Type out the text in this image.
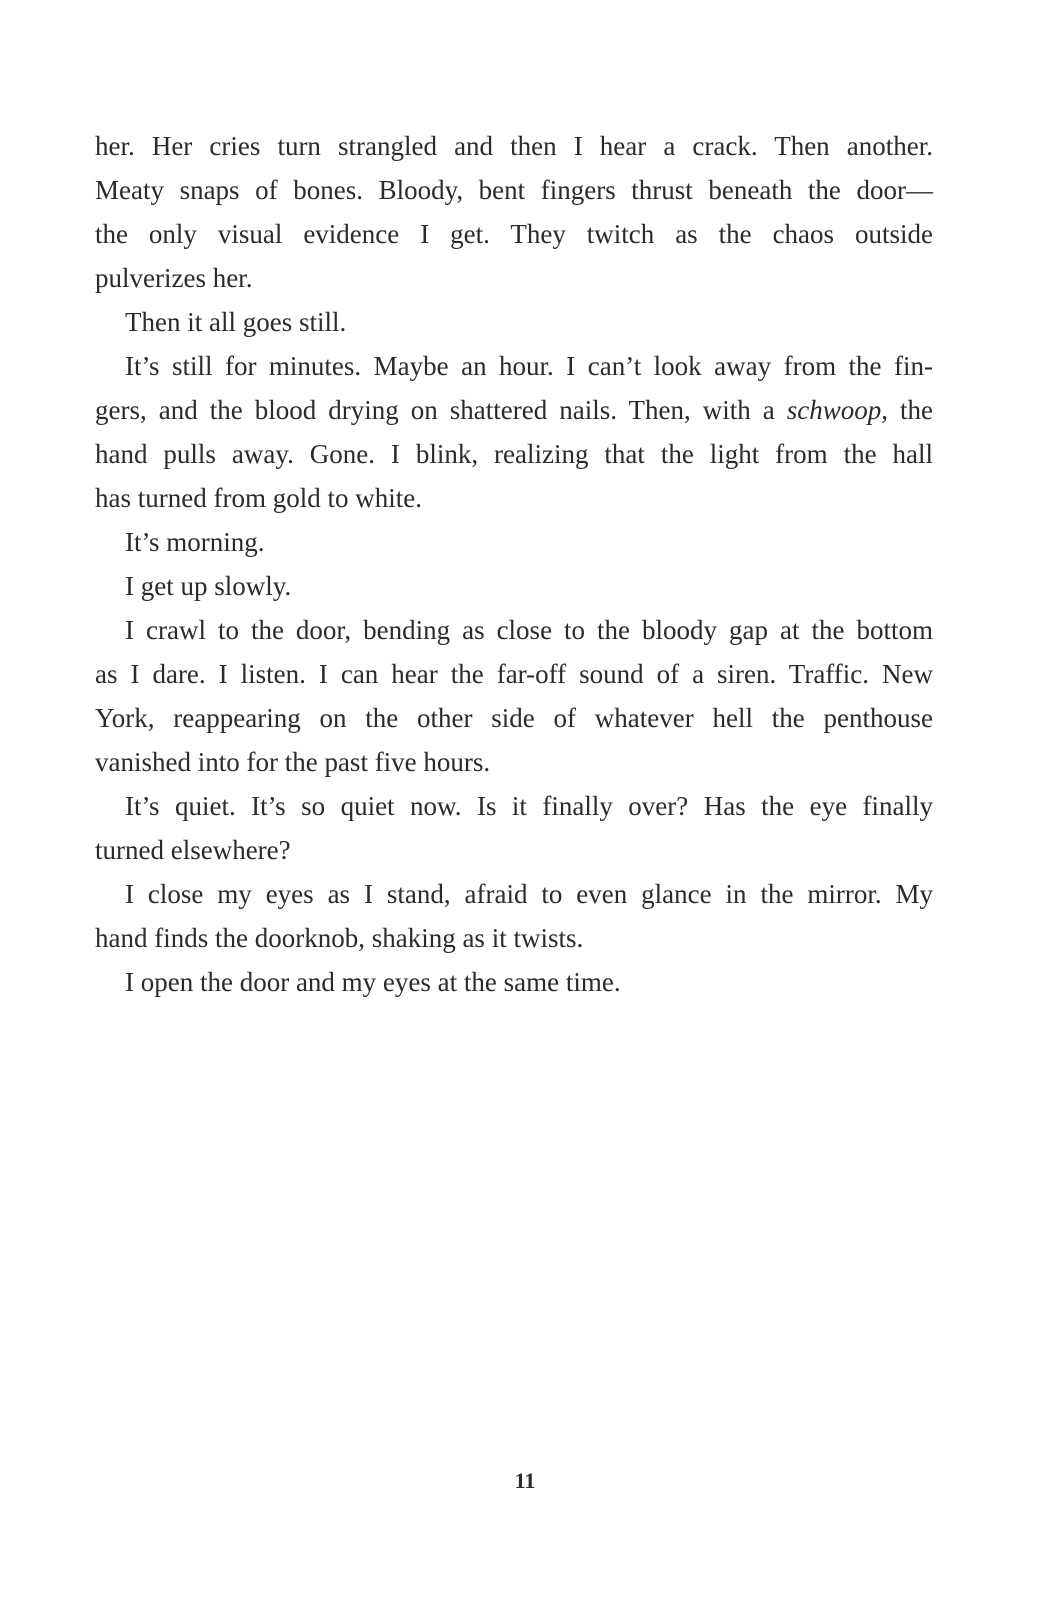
her. Her cries turn strangled and then I hear a crack. Then another.
Meaty snaps of bones. Bloody, bent fingers thrust beneath the door—
the only visual evidence I get. They twitch as the chaos outside
pulverizes her.

Then it all goes still.

It’s still for minutes. Maybe an hour. I can’t look away from the fin-
gers, and the blood drying on shattered nails. Then, with a schwoop, the
hand pulls away. Gone. I blink, realizing that the light from the hall
has turned from gold to white.

It’s morning.

I get up slowly.

I crawl to the door, bending as close to the bloody gap at the bottom
as I dare. I listen. I can hear the far-off sound of a siren. Traffic. New
York, reappearing on the other side of whatever hell the penthouse
vanished into for the past five hours.

It’s quiet. It’s so quiet now. Is it finally over? Has the eye finally
turned elsewhere?

I close my eyes as I stand, afraid to even glance in the mirror. My
hand finds the doorknob, shaking as it twists.

I open the door and my eyes at the same time.

11
